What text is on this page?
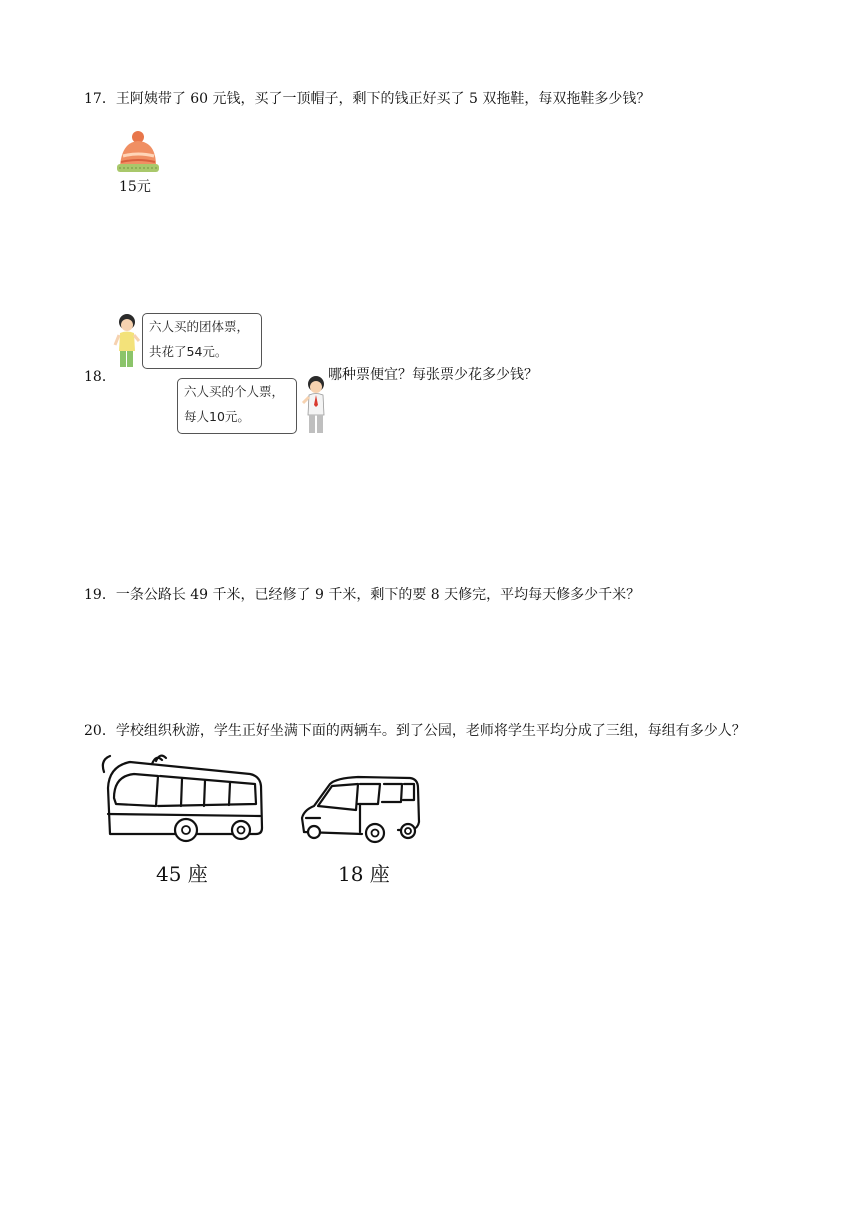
17．王阿姨带了 60 元钱，买了一顶帽子，剩下的钱正好买了 5 双拖鞋，每双拖鞋多少钱？
15元
18．
六人买的团体票，
共花了54元。
六人买的个人票，
每人10元。
哪种票便宜？每张票少花多少钱？
19．一条公路长 49 千米，已经修了 9 千米，剩下的要 8 天修完，平均每天修多少千米？
20．学校组织秋游，学生正好坐满下面的两辆车。到了公园，老师将学生平均分成了三组，每组有多少人？
45 座	18 座
